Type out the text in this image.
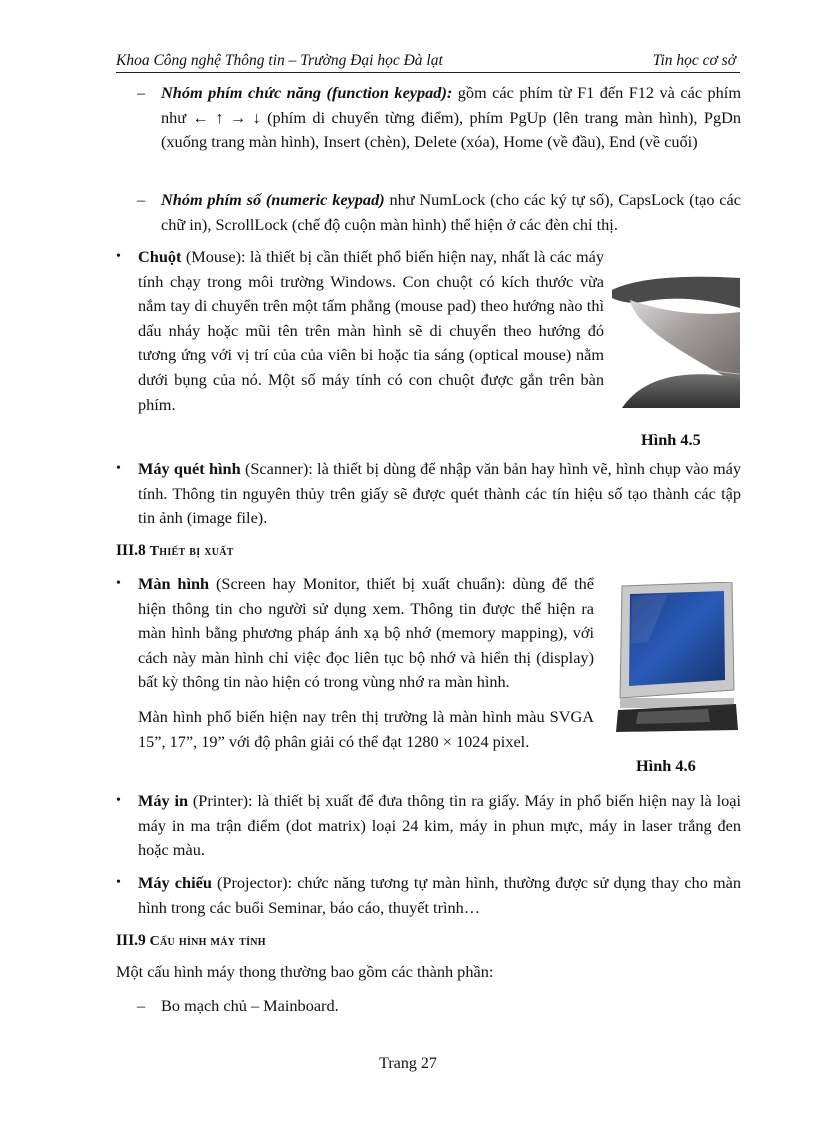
Khoa Công nghệ Thông tin – Trường Đại học Đà lạt	Tin học cơ sở
– Nhóm phím chức năng (function keypad): gồm các phím từ F1 đến F12 và các phím như ← ↑ → ↓ (phím di chuyển từng điểm), phím PgUp (lên trang màn hình), PgDn (xuống trang màn hình), Insert (chèn), Delete (xóa), Home (về đầu), End (về cuối)
– Nhóm phím số (numeric keypad) như NumLock (cho các ký tự số), CapsLock (tạo các chữ in), ScrollLock (chế độ cuộn màn hình) thể hiện ở các đèn chỉ thị.
• Chuột (Mouse): là thiết bị cần thiết phổ biến hiện nay, nhất là các máy tính chạy trong môi trường Windows. Con chuột có kích thước vừa nắm tay di chuyển trên một tấm phẳng (mouse pad) theo hướng nào thì dấu nháy hoặc mũi tên trên màn hình sẽ di chuyển theo hướng đó tương ứng với vị trí của của viên bi hoặc tia sáng (optical mouse) nằm dưới bụng của nó. Một số máy tính có con chuột được gắn trên bàn phím.
Hình 4.5
• Máy quét hình (Scanner): là thiết bị dùng để nhập văn bản hay hình vẽ, hình chụp vào máy tính. Thông tin nguyên thủy trên giấy sẽ được quét thành các tín hiệu số tạo thành các tập tin ảnh (image file).
III.8 Thiết bị xuất
• Màn hình (Screen hay Monitor, thiết bị xuất chuẩn): dùng để thể hiện thông tin cho người sử dụng xem. Thông tin được thể hiện ra màn hình bằng phương pháp ánh xạ bộ nhớ (memory mapping), với cách này màn hình chỉ việc đọc liên tục bộ nhớ và hiển thị (display) bất kỳ thông tin nào hiện có trong vùng nhớ ra màn hình.
Màn hình phổ biến hiện nay trên thị trường là màn hình màu SVGA 15”, 17”, 19” với độ phân giải có thể đạt 1280 × 1024 pixel.
Hình 4.6
• Máy in (Printer): là thiết bị xuất để đưa thông tin ra giấy. Máy in phổ biến hiện nay là loại máy in ma trận điểm (dot matrix) loại 24 kim, máy in phun mực, máy in laser trắng đen hoặc màu.
• Máy chiếu (Projector): chức năng tương tự màn hình, thường được sử dụng thay cho màn hình trong các buổi Seminar, báo cáo, thuyết trình…
III.9 Cấu hình máy tính
Một cấu hình máy thong thường bao gồm các thành phần:
– Bo mạch chủ – Mainboard.
Trang 27
